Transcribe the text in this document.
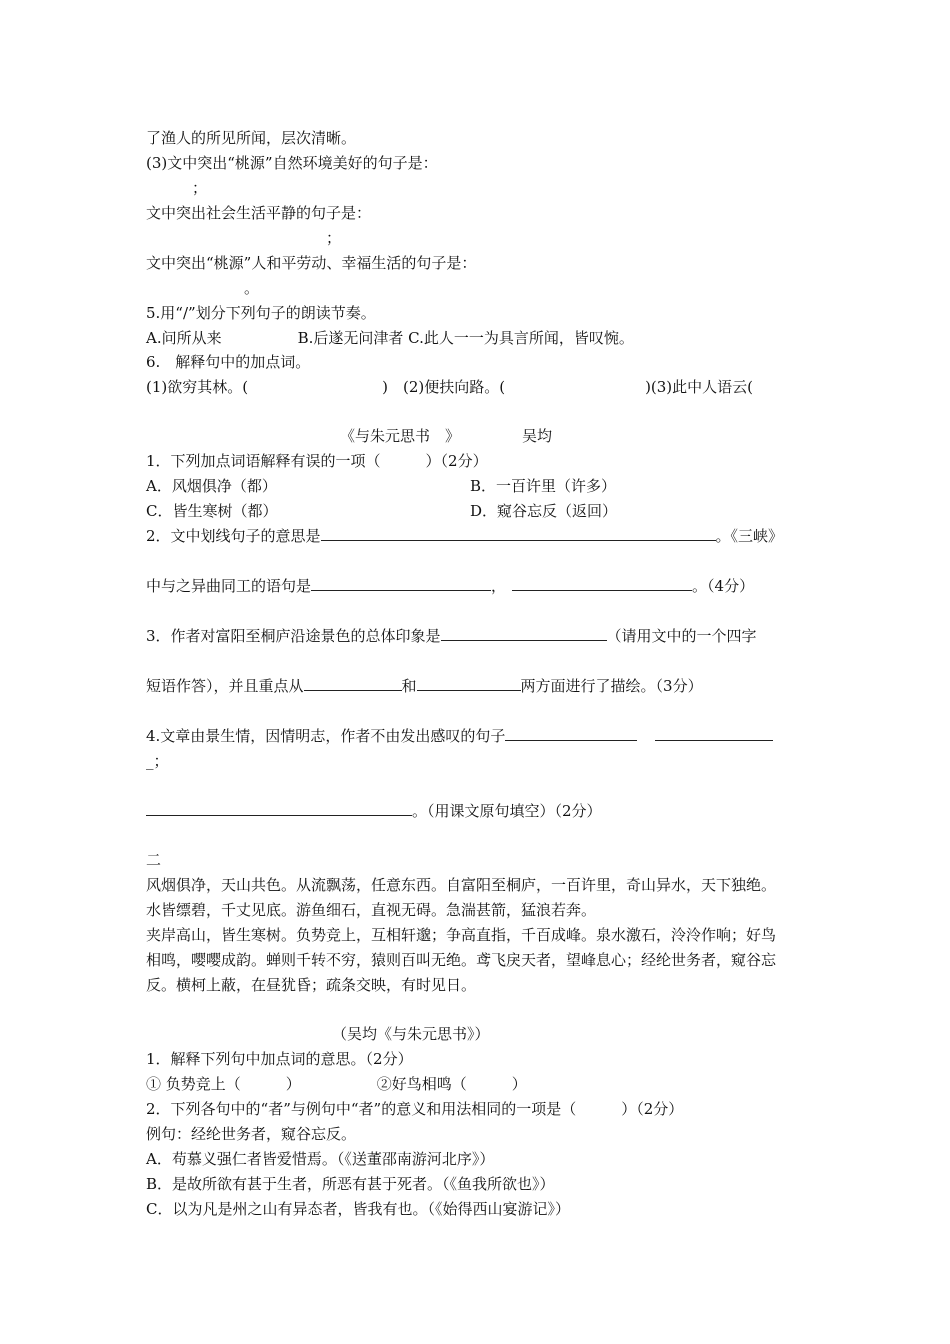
了渔人的所见所闻，层次清晰。
(3)文中突出“桃源”自然环境美好的句子是：
；
文中突出社会生活平静的句子是：
；
文中突出“桃源”人和平劳动、幸福生活的句子是：
。
5.用“/”划分下列句子的朗读节奏。
A.问所从来	B.后遂无问津者 C.此人一一为具言所闻，皆叹惋。
6.　解释句中的加点词。
(1)欲穷其林。(	)　(2)便扶向路。(	)(3)此中人语云(
《与朱元思书　》	吴均
1．下列加点词语解释有误的一项（　　　）（2分）
A．风烟俱净（都）	B．一百许里（许多）
C．皆生寒树（都）	D．窥谷忘反（返回）
2．文中划线句子的意思是	。《三峡》
中与之异曲同工的语句是	，	。（4分）
3．作者对富阳至桐庐沿途景色的总体印象是	（请用文中的一个四字
短语作答），并且重点从	和	两方面进行了描绘。（3分）
4.文章由景生情，因情明志，作者不由发出感叹的句子
_；
。（用课文原句填空）（2分）
二
风烟俱净，天山共色。从流飘荡，任意东西。自富阳至桐庐，一百许里，奇山异水，天下独绝。
水皆缥碧，千丈见底。游鱼细石，直视无碍。急湍甚箭，猛浪若奔。
夹岸高山，皆生寒树。负势竞上，互相轩邈；争高直指，千百成峰。泉水激石，泠泠作响；好鸟
相鸣，嘤嘤成韵。蝉则千转不穷，猿则百叫无绝。鸢飞戾天者，望峰息心；经纶世务者，窥谷忘
反。横柯上蔽，在昼犹昏；疏条交映，有时见日。
（吴均《与朱元思书》）
1．解释下列句中加点词的意思。（2分）
① 负势竞上（　　　）	②好鸟相鸣（　　　）
2．下列各句中的“者”与例句中“者”的意义和用法相同的一项是（　　　）（2分）
例句：经纶世务者，窥谷忘反。
A．苟慕义强仁者皆爱惜焉。（《送董邵南游河北序》）
B．是故所欲有甚于生者，所恶有甚于死者。（《鱼我所欲也》）
C．以为凡是州之山有异态者，皆我有也。（《始得西山宴游记》）
